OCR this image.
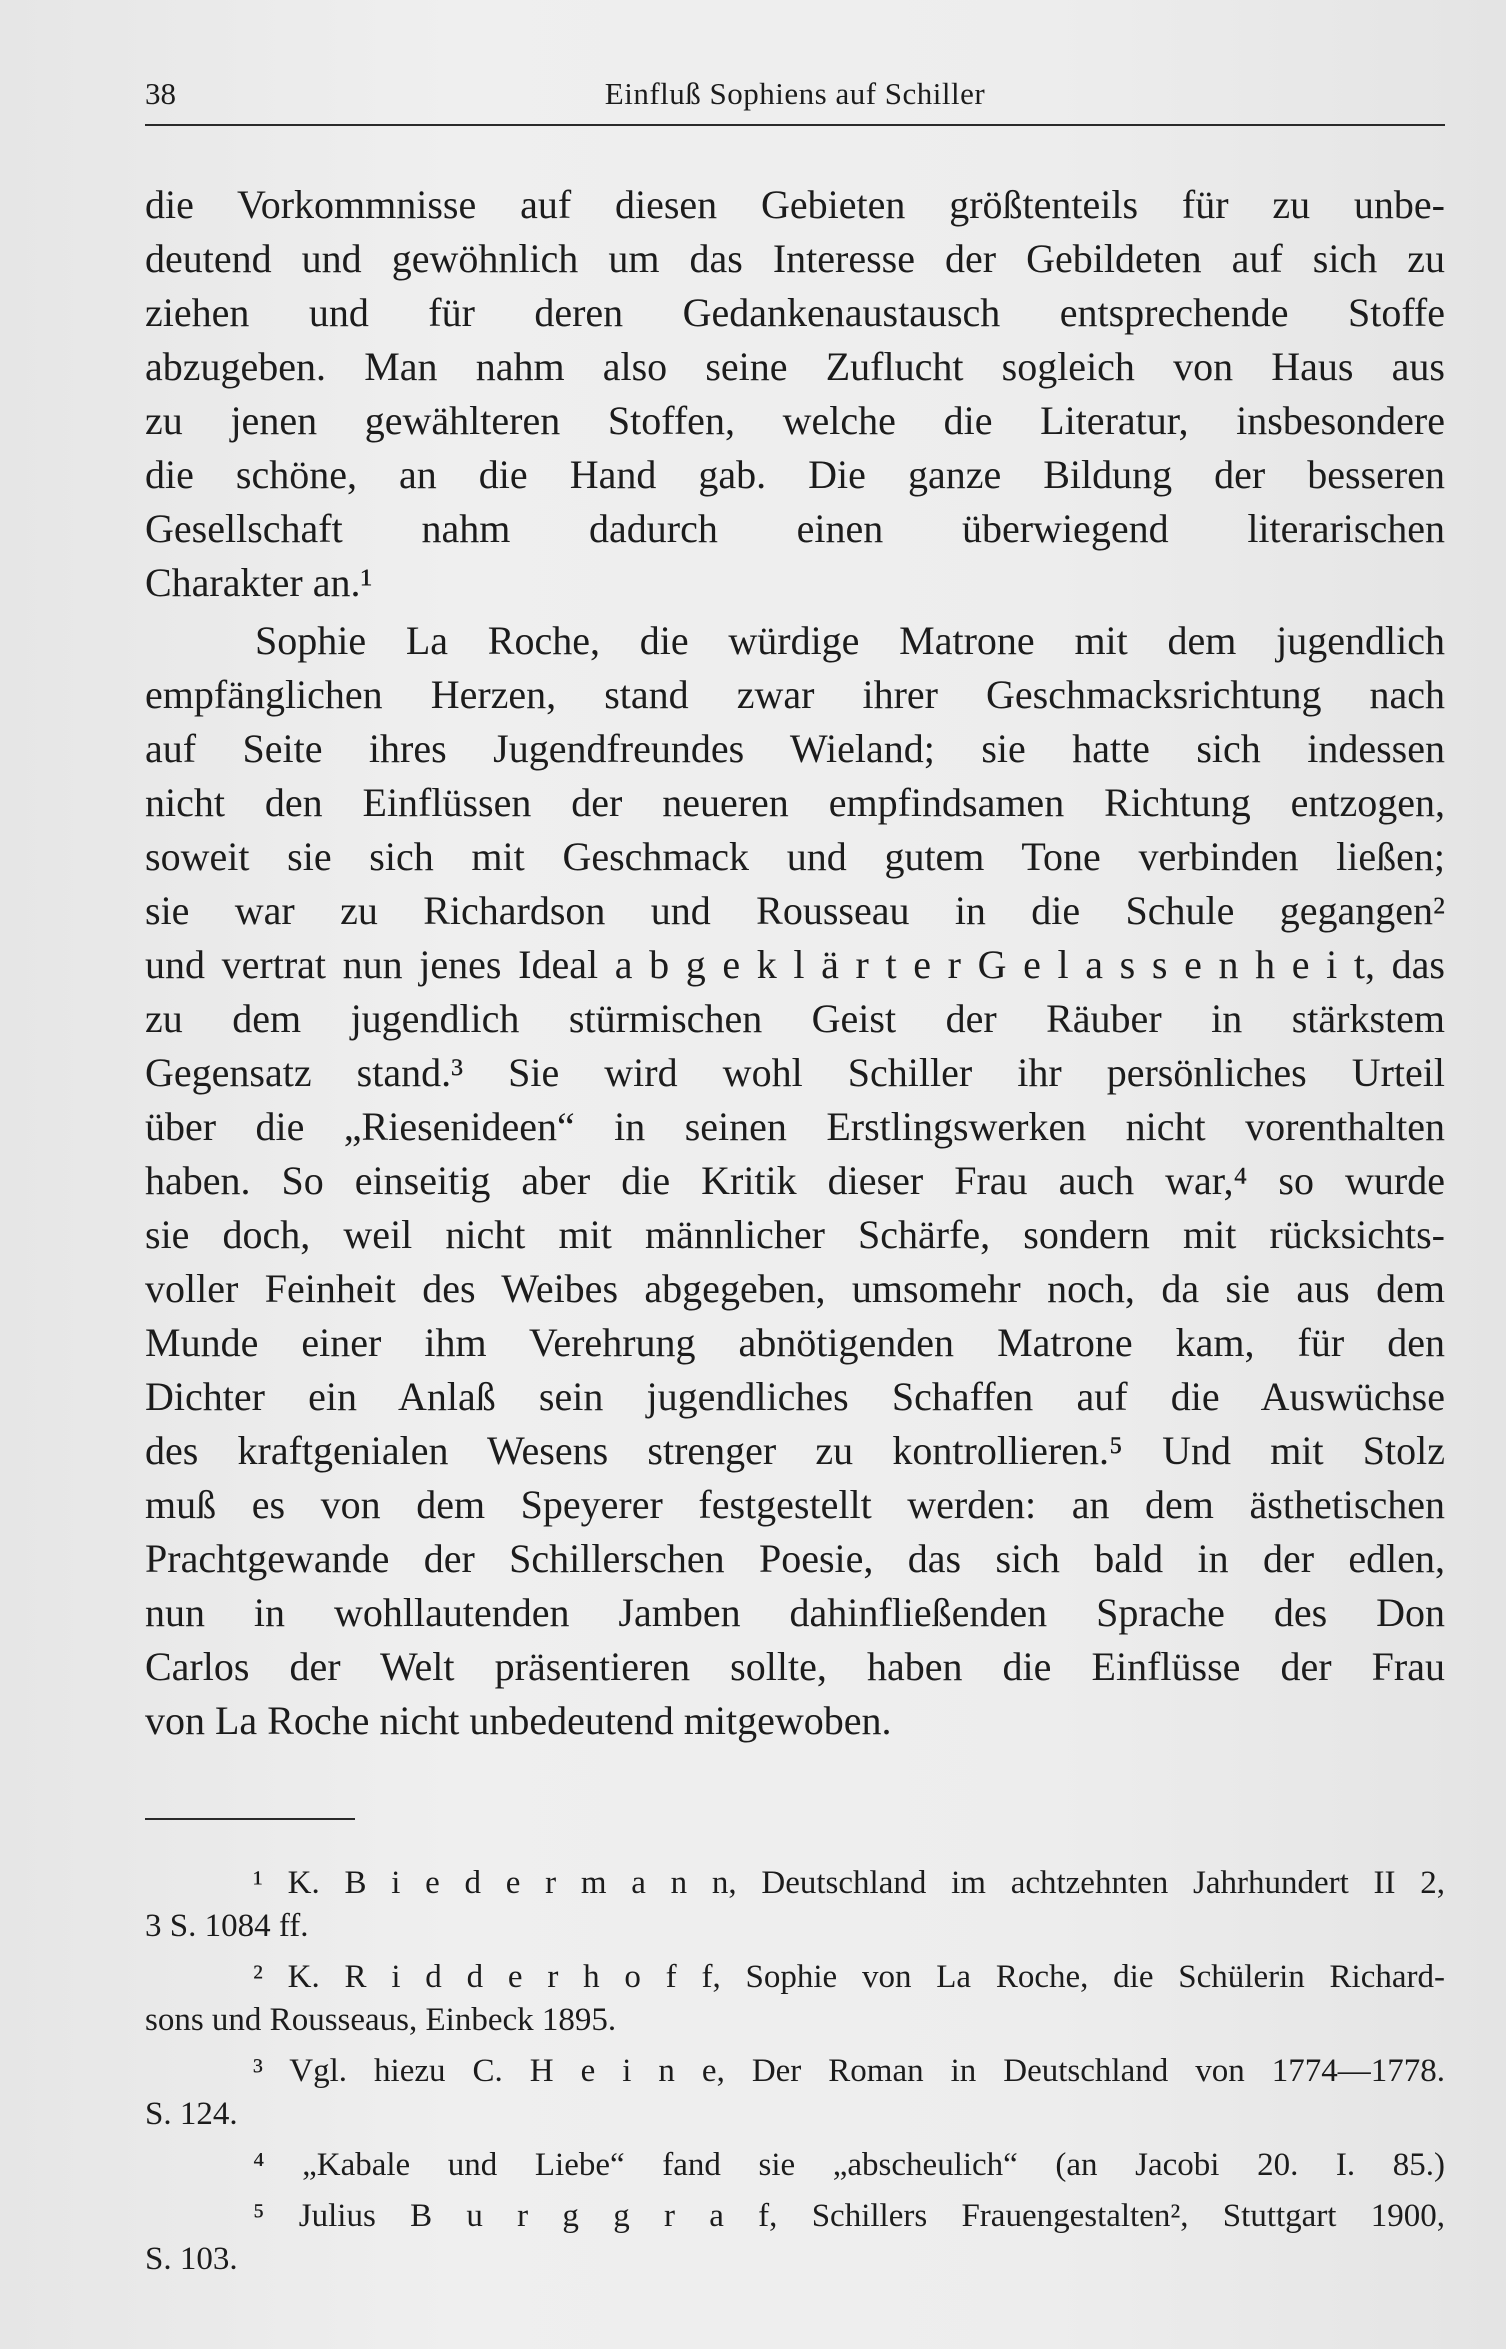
38	Einfluß Sophiens auf Schiller
die Vorkommnisse auf diesen Gebieten größtenteils für zu unbe-
deutend und gewöhnlich um das Interesse der Gebildeten auf sich zu
ziehen und für deren Gedankenaustausch entsprechende Stoffe
abzugeben. Man nahm also seine Zuflucht sogleich von Haus aus
zu jenen gewählteren Stoffen, welche die Literatur, insbesondere
die schöne, an die Hand gab. Die ganze Bildung der besseren
Gesellschaft nahm dadurch einen überwiegend literarischen
Charakter an.¹
Sophie La Roche, die würdige Matrone mit dem jugendlich
empfänglichen Herzen, stand zwar ihrer Geschmacksrichtung nach
auf Seite ihres Jugendfreundes Wieland; sie hatte sich indessen
nicht den Einflüssen der neueren empfindsamen Richtung entzogen,
soweit sie sich mit Geschmack und gutem Tone verbinden ließen;
sie war zu Richardson und Rousseau in die Schule gegangen²
und vertrat nun jenes Ideal a b g e k l ä r t e r G e l a s s e n h e i t, das
zu dem jugendlich stürmischen Geist der Räuber in stärkstem
Gegensatz stand.³ Sie wird wohl Schiller ihr persönliches Urteil
über die „Riesenideen“ in seinen Erstlingswerken nicht vorenthalten
haben. So einseitig aber die Kritik dieser Frau auch war,⁴ so wurde
sie doch, weil nicht mit männlicher Schärfe, sondern mit rücksichts-
voller Feinheit des Weibes abgegeben, umsomehr noch, da sie aus dem
Munde einer ihm Verehrung abnötigenden Matrone kam, für den
Dichter ein Anlaß sein jugendliches Schaffen auf die Auswüchse
des kraftgenialen Wesens strenger zu kontrollieren.⁵ Und mit Stolz
muß es von dem Speyerer festgestellt werden: an dem ästhetischen
Prachtgewande der Schillerschen Poesie, das sich bald in der edlen,
nun in wohllautenden Jamben dahinfließenden Sprache des Don
Carlos der Welt präsentieren sollte, haben die Einflüsse der Frau
von La Roche nicht unbedeutend mitgewoben.
¹ K. B i e d e r m a n n, Deutschland im achtzehnten Jahrhundert II 2,
3 S. 1084 ff.
² K. R i d d e r h o f f, Sophie von La Roche, die Schülerin Richard-
sons und Rousseaus, Einbeck 1895.
³ Vgl. hiezu C. H e i n e, Der Roman in Deutschland von 1774—1778.
S. 124.
⁴ „Kabale und Liebe“ fand sie „abscheulich“ (an Jacobi 20. I. 85.)
⁵ Julius B u r g g r a f, Schillers Frauengestalten², Stuttgart 1900,
S. 103.
